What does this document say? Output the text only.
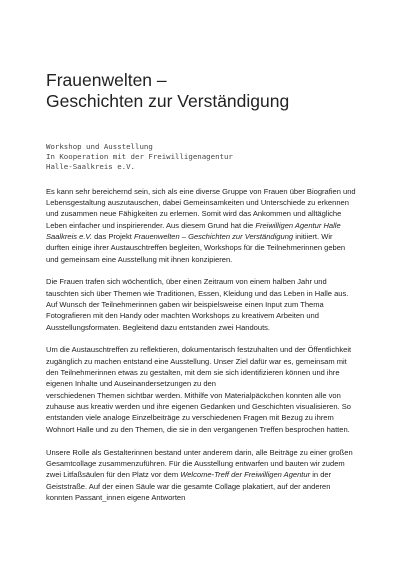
Frauenwelten –
Geschichten zur Verständigung
Workshop und Ausstellung
In Kooperation mit der Freiwilligenagentur
Halle-Saalkreis e.V.

Es kann sehr bereichernd sein, sich als eine diverse Gruppe von Frauen über Biografien und Lebensgestaltung auszutauschen, dabei Gemeinsamkeiten und Unterschiede zu erkennen und zusammen neue Fähigkeiten zu erlernen. Somit wird das Ankommen und alltägliche Leben einfacher und inspirierender. Aus diesem Grund hat die Freiwilligen Agentur Halle Saalkreis e.V. das Projekt Frauenwelten – Geschichten zur Verständigung initiiert. Wir durften einige ihrer Austauschtreffen begleiten, Workshops für die Teilnehmerinnen geben und gemeinsam eine Ausstellung mit ihnen konzipieren.

Die Frauen trafen sich wöchentlich, über einen Zeitraum von einem halben Jahr und tauschten sich über Themen wie Traditionen, Essen, Kleidung und das Leben in Halle aus. Auf Wunsch der Teilnehmerinnen gaben wir beispielsweise einen Input zum Thema Fotografieren mit den Handy oder machten Workshops zu kreativem Arbeiten und Ausstellungsformaten. Begleitend dazu entstanden zwei Handouts.

Um die Austauschtreffen zu reflektieren, dokumentarisch festzuhalten und der Öffentlichkeit zugänglich zu machen entstand eine Ausstellung. Unser Ziel dafür war es, gemeinsam mit den Teilnehmerinnen etwas zu gestalten, mit dem sie sich identifizieren können und ihre eigenen Inhalte und Auseinandersetzungen zu den
verschiedenen Themen sichtbar werden. Mithilfe von Materialpäckchen konnten alle von zuhause aus kreativ werden und ihre eigenen Gedanken und Geschichten visualisieren. So entstanden viele analoge Einzelbeiträge zu verschiedenen Fragen mit Bezug zu ihrem Wohnort Halle und zu den Themen, die sie in den vergangenen Treffen besprochen hatten.

Unsere Rolle als Gestalterinnen bestand unter anderem darin, alle Beiträge zu einer großen Gesamtcollage zusammenzuführen. Für die Ausstellung entwarfen und bauten wir zudem zwei Litfaßsäulen für den Platz vor dem Welcome-Treff der Freiwilligen Agentur in der Geiststraße. Auf der einen Säule war die gesamte Collage plakatiert, auf der anderen konnten Passant_innen eigene Antworten
